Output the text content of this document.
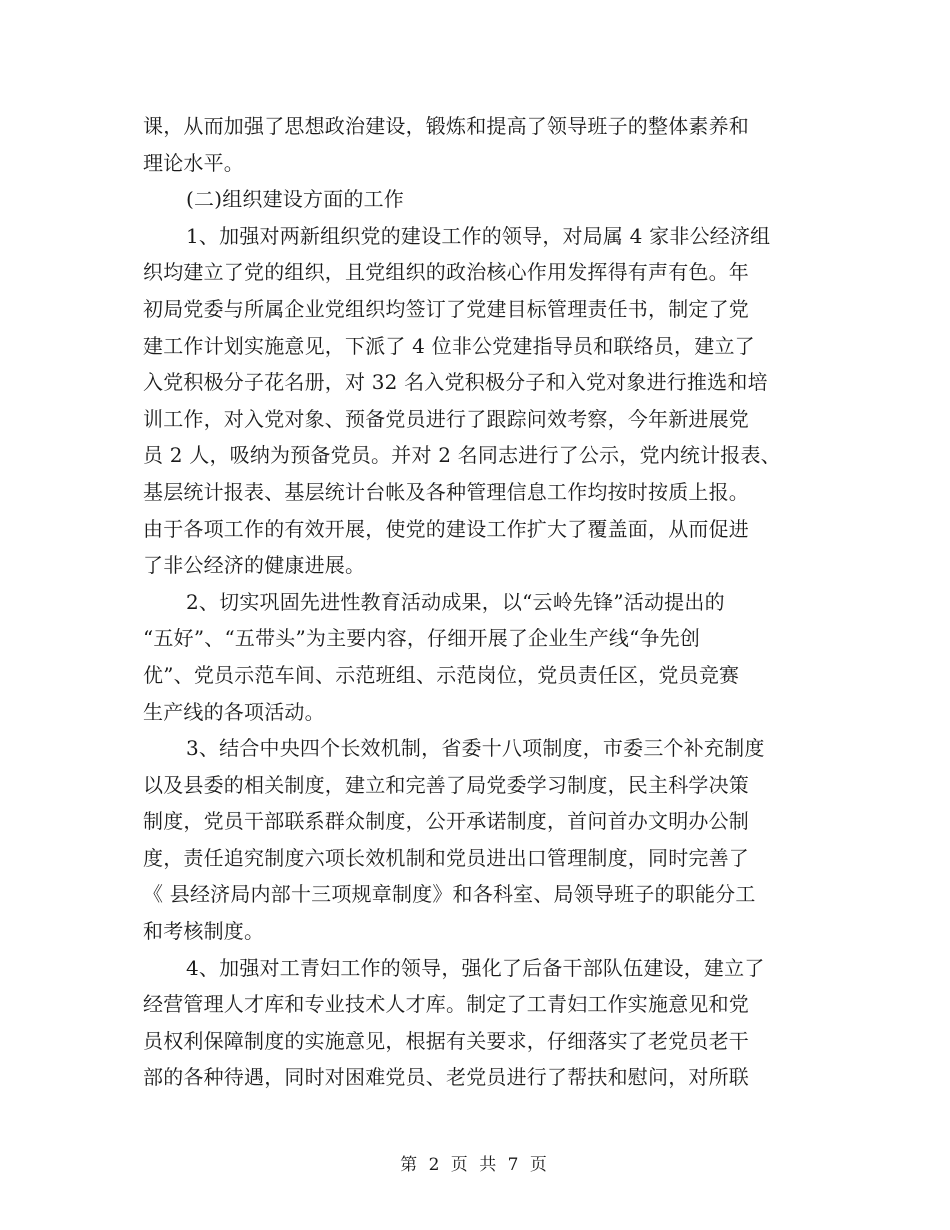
课，从而加强了思想政治建设，锻炼和提高了领导班子的整体素养和
理论水平。
(二)组织建设方面的工作
1、加强对两新组织党的建设工作的领导，对局属 4 家非公经济组
织均建立了党的组织，且党组织的政治核心作用发挥得有声有色。年
初局党委与所属企业党组织均签订了党建目标管理责任书，制定了党
建工作计划实施意见，下派了 4 位非公党建指导员和联络员，建立了
入党积极分子花名册，对 32 名入党积极分子和入党对象进行推选和培
训工作，对入党对象、预备党员进行了跟踪问效考察，今年新进展党
员 2 人，吸纳为预备党员。并对 2 名同志进行了公示，党内统计报表、
基层统计报表、基层统计台帐及各种管理信息工作均按时按质上报。
由于各项工作的有效开展，使党的建设工作扩大了覆盖面，从而促进
了非公经济的健康进展。
2、切实巩固先进性教育活动成果，以“云岭先锋”活动提出的
“五好”、“五带头”为主要内容，仔细开展了企业生产线“争先创
优”、党员示范车间、示范班组、示范岗位，党员责任区，党员竞赛
生产线的各项活动。
3、结合中央四个长效机制，省委十八项制度，市委三个补充制度
以及县委的相关制度，建立和完善了局党委学习制度，民主科学决策
制度，党员干部联系群众制度，公开承诺制度，首问首办文明办公制
度，责任追究制度六项长效机制和党员进出口管理制度，同时完善了
《 县经济局内部十三项规章制度》和各科室、局领导班子的职能分工
和考核制度。
4、加强对工青妇工作的领导，强化了后备干部队伍建设，建立了
经营管理人才库和专业技术人才库。制定了工青妇工作实施意见和党
员权利保障制度的实施意见，根据有关要求，仔细落实了老党员老干
部的各种待遇，同时对困难党员、老党员进行了帮扶和慰问，对所联
第 2 页 共 7 页
